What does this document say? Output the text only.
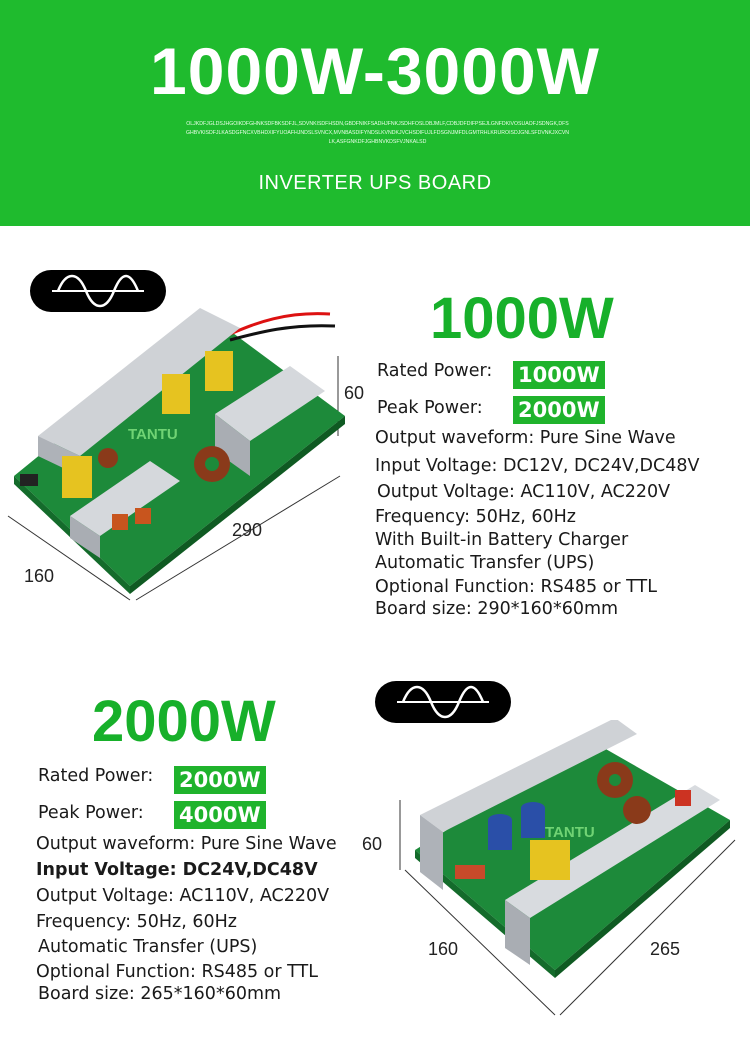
1000W-3000W
OLJKDFJGLDSJHGOIKDFGHNKSDFBKSDFJL,SDVNKISDFHSDN,GBDFNIKFSADHJFNKJSDHFOSLDBJMLF,CDBJDFDIFPSEJLGNFDKIVOSUAOFJSDNGK,DFSGHBVKISDFJLKASDGFNCXVBHDXIFYUOAFHJNDSLSVNCX,MVNBASDIFYNDSLKVNDKJVCHSDIFUJLFDSGNJMFDLGMTRHLKRUROISDJGNLSFDVNKJXCVNLK,ASFGNKDFJGHBNVKDSFVJNKALSD
INVERTER UPS BOARD
TANTU
60
290
160
1000W
Rated Power: 1000W
Peak Power: 2000W
Output waveform: Pure Sine Wave
Input Voltage: DC12V, DC24V,DC48V
Output Voltage: AC110V, AC220V
Frequency: 50Hz, 60Hz
With Built-in Battery Charger
Automatic Transfer (UPS)
Optional Function: RS485 or TTL
Board size: 290*160*60mm
2000W
Rated Power: 2000W
Peak Power: 4000W
Output waveform: Pure Sine Wave
Input Voltage: DC24V,DC48V
Output Voltage: AC110V, AC220V
Frequency: 50Hz, 60Hz
Automatic Transfer (UPS)
Optional Function: RS485 or TTL
Board size: 265*160*60mm
TANTU
60
160	265
